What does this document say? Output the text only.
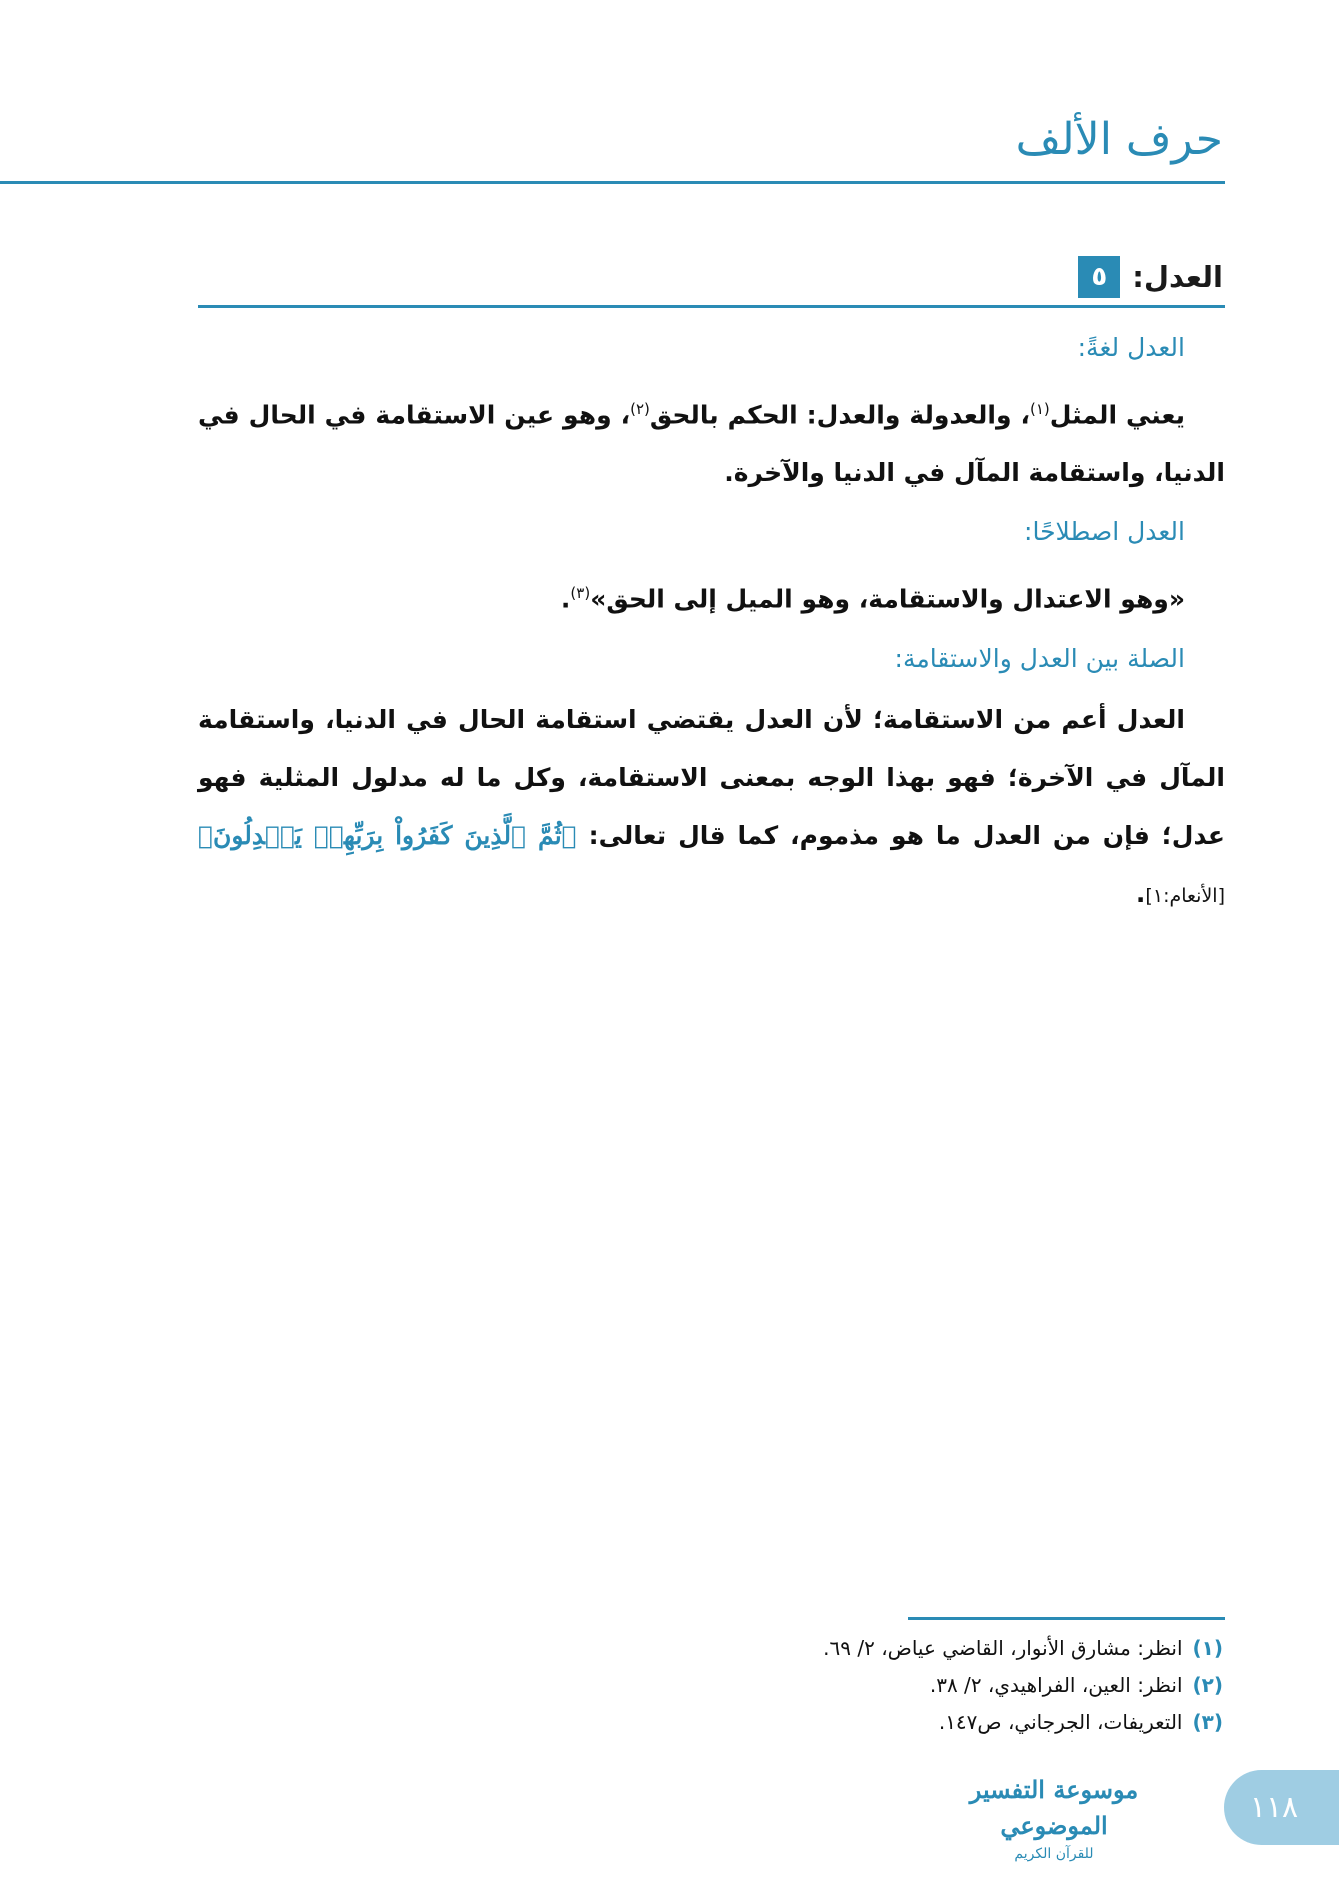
حرف الألف
٥ العدل:
العدل لغةً:

يعني المثل$^{(١)}$، والعدولة والعدل: الحكم بالحق$^{(٢)}$، وهو عين الاستقامة في الحال في الدنيا، واستقامة المآل في الدنيا والآخرة.

العدل اصطلاحًا:

«وهو الاعتدال والاستقامة، وهو الميل إلى الحق»$^{(٣)}$.

الصلة بين العدل والاستقامة:

العدل أعم من الاستقامة؛ لأن العدل يقتضي استقامة الحال في الدنيا، واستقامة المآل في الآخرة؛ فهو بهذا الوجه بمعنى الاستقامة، وكل ما له مدلول المثلية فهو عدل؛ فإن من العدل ما هو مذموم، كما قال تعالى: ﴿ثُمَّ ٱلَّذِينَ كَفَرُواْ بِرَبِّهِمۡ يَعۡدِلُونَ﴾[الأنعام:١].

(١)
انظر: مشارق الأنوار، القاضي عياض، ٢/ ٦٩.
(٢)
انظر: العين، الفراهيدي، ٢/ ٣٨.
(٣)
التعريفات، الجرجاني، ص١٤٧.
موسوعة التفسير الموضوعي
للقرآن الكريم
١١٨
